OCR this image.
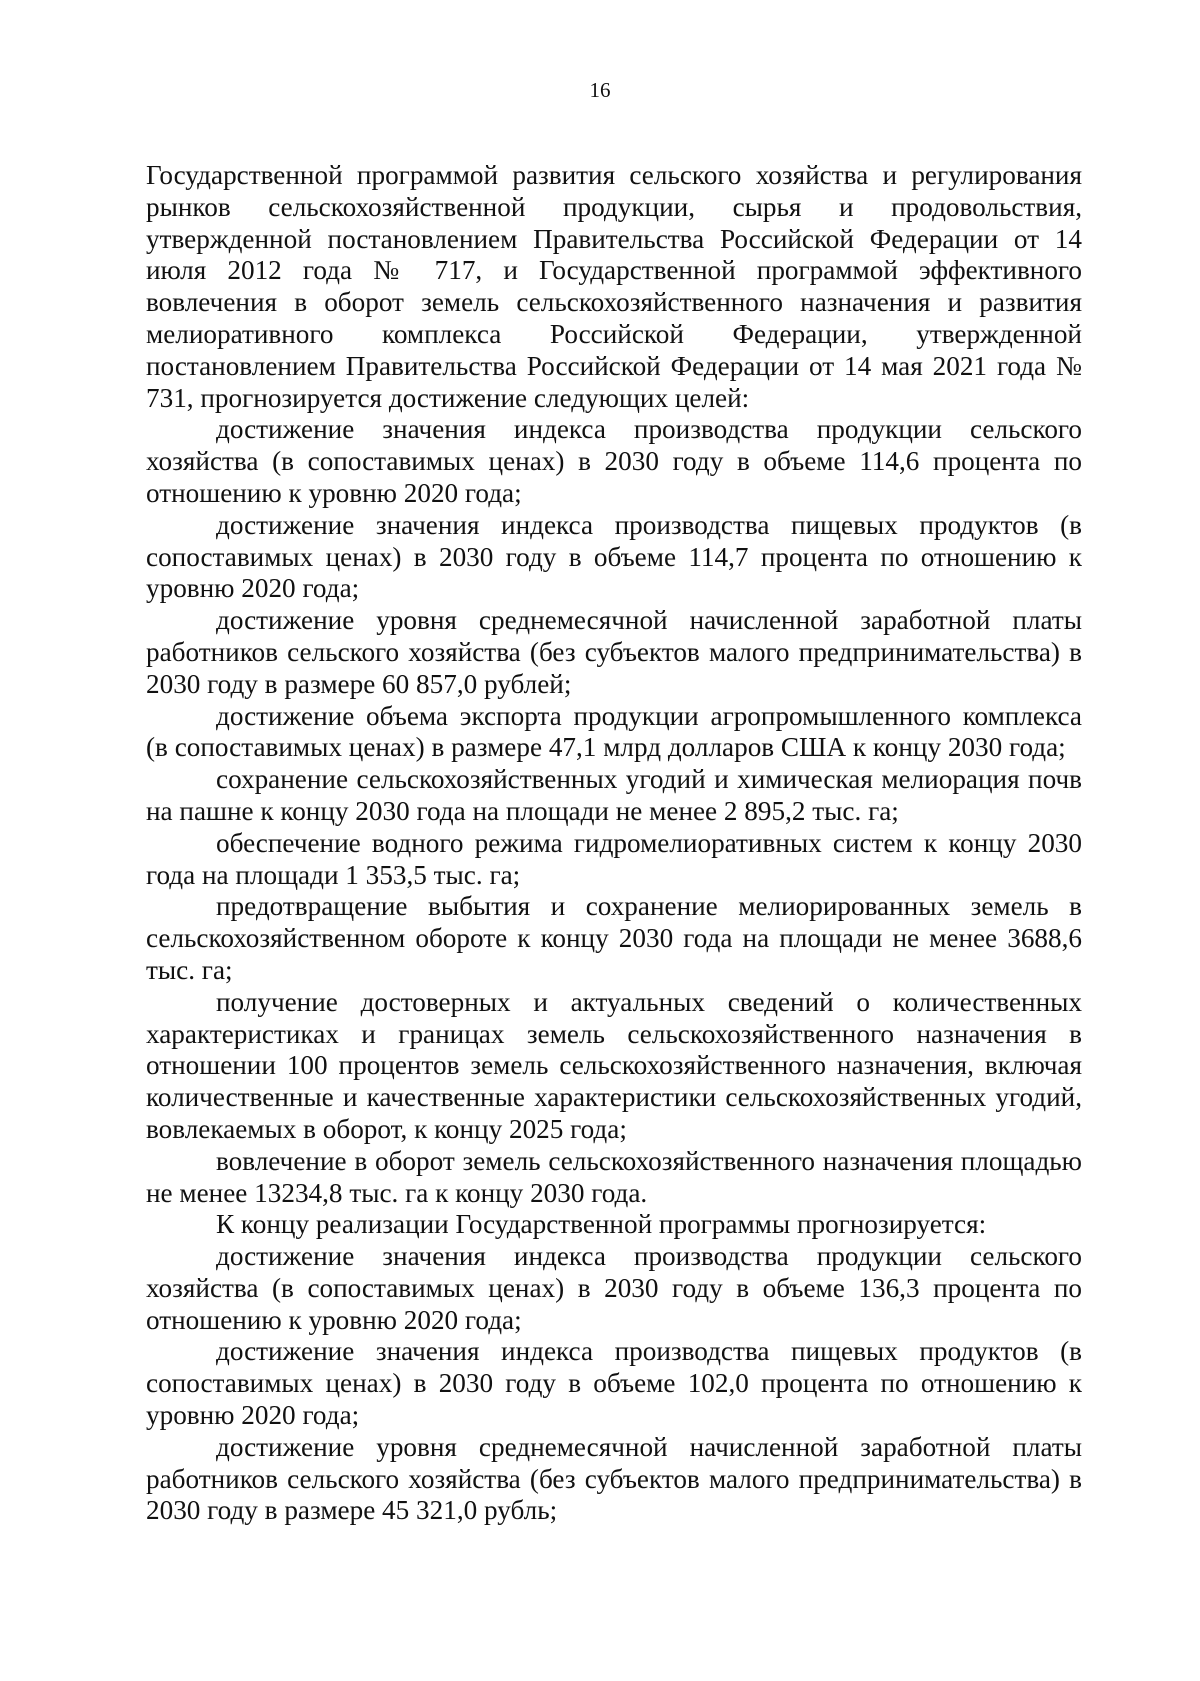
16

Государственной программой развития сельского хозяйства и регулирования рынков сельскохозяйственной продукции, сырья и продовольствия, утвержденной постановлением Правительства Российской Федерации от 14 июля 2012 года № 717, и Государственной программой эффективного вовлечения в оборот земель сельскохозяйственного назначения и развития мелиоративного комплекса Российской Федерации, утвержденной постановлением Правительства Российской Федерации от 14 мая 2021 года № 731, прогнозируется достижение следующих целей:

достижение значения индекса производства продукции сельского хозяйства (в сопоставимых ценах) в 2030 году в объеме 114,6 процента по отношению к уровню 2020 года;

достижение значения индекса производства пищевых продуктов (в сопоставимых ценах) в 2030 году в объеме 114,7 процента по отношению к уровню 2020 года;

достижение уровня среднемесячной начисленной заработной платы работников сельского хозяйства (без субъектов малого предпринимательства) в 2030 году в размере 60 857,0 рублей;

достижение объема экспорта продукции агропромышленного комплекса (в сопоставимых ценах) в размере 47,1 млрд долларов США к концу 2030 года;

сохранение сельскохозяйственных угодий и химическая мелиорация почв на пашне к концу 2030 года на площади не менее 2 895,2 тыс. га;

обеспечение водного режима гидромелиоративных систем к концу 2030 года на площади 1 353,5 тыс. га;

предотвращение выбытия и сохранение мелиорированных земель в сельскохозяйственном обороте к концу 2030 года на площади не менее 3688,6 тыс. га;

получение достоверных и актуальных сведений о количественных характеристиках и границах земель сельскохозяйственного назначения в отношении 100 процентов земель сельскохозяйственного назначения, включая количественные и качественные характеристики сельскохозяйственных угодий, вовлекаемых в оборот, к концу 2025 года;

вовлечение в оборот земель сельскохозяйственного назначения площадью не менее 13234,8 тыс. га к концу 2030 года.

К концу реализации Государственной программы прогнозируется:

достижение значения индекса производства продукции сельского хозяйства (в сопоставимых ценах) в 2030 году в объеме 136,3 процента по отношению к уровню 2020 года;

достижение значения индекса производства пищевых продуктов (в сопоставимых ценах) в 2030 году в объеме 102,0 процента по отношению к уровню 2020 года;

достижение уровня среднемесячной начисленной заработной платы работников сельского хозяйства (без субъектов малого предпринимательства) в 2030 году в размере 45 321,0 рубль;
